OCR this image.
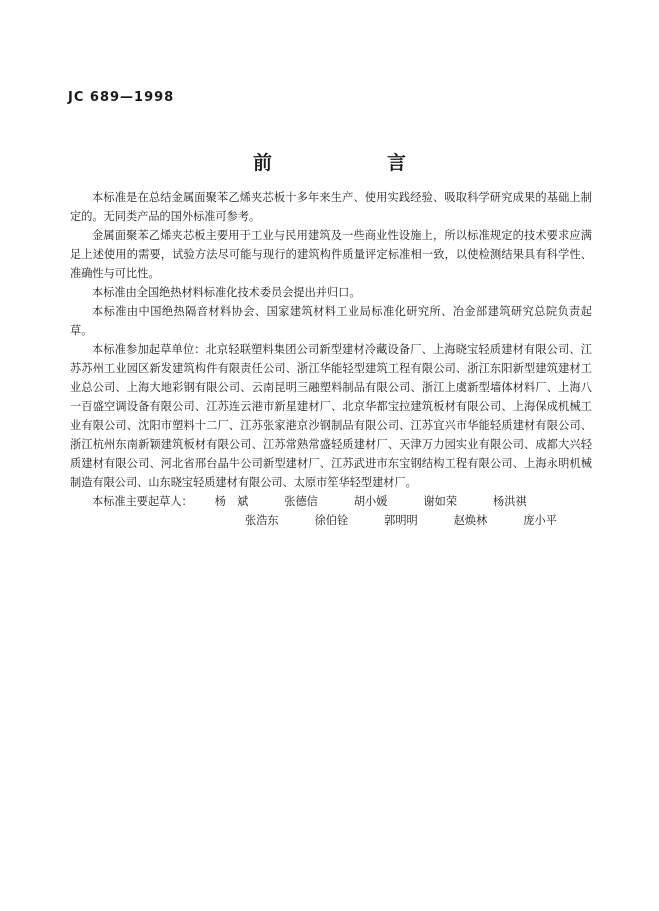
JC 689—1998
前　言

本标准是在总结金属面聚苯乙烯夹芯板十多年来生产、使用实践经验、吸取科学研究成果的基础上制定的。无同类产品的国外标准可参考。

金属面聚苯乙烯夹芯板主要用于工业与民用建筑及一些商业性设施上，所以标准规定的技术要求应满足上述使用的需要，试验方法尽可能与现行的建筑构件质量评定标准相一致，以使检测结果具有科学性、准确性与可比性。

本标准由全国绝热材料标准化技术委员会提出并归口。

本标准由中国绝热隔音材料协会、国家建筑材料工业局标准化研究所、冶金部建筑研究总院负责起草。

本标准参加起草单位：北京轻联塑料集团公司新型建材冷藏设备厂、上海晓宝轻质建材有限公司、江苏苏州工业园区新发建筑构件有限责任公司、浙江华能轻型建筑工程有限公司、浙江东阳新型建筑建材工业总公司、上海大地彩钢有限公司、云南昆明三融塑料制品有限公司、浙江上虞新型墙体材料厂、上海八一百盛空调设备有限公司、江苏连云港市新星建材厂、北京华都宝拉建筑板材有限公司、上海保成机械工业有限公司、沈阳市塑料十二厂、江苏张家港京沙钢制品有限公司、江苏宜兴市华能轻质建材有限公司、浙江杭州东南新颖建筑板材有限公司、江苏常熟常盛轻质建材厂、天津万力园实业有限公司、成都大兴轻质建材有限公司、河北省邢台晶牛公司新型建材厂、江苏武进市东宝钢结构工程有限公司、上海永明机械制造有限公司、山东晓宝轻质建材有限公司、太原市笙华轻型建材厂。

本标准主要起草人： 杨　斌	张德信	胡小媛	谢如荣	杨洪祺

张浩东	徐伯铨	郭明明	赵焕林	庞小平
